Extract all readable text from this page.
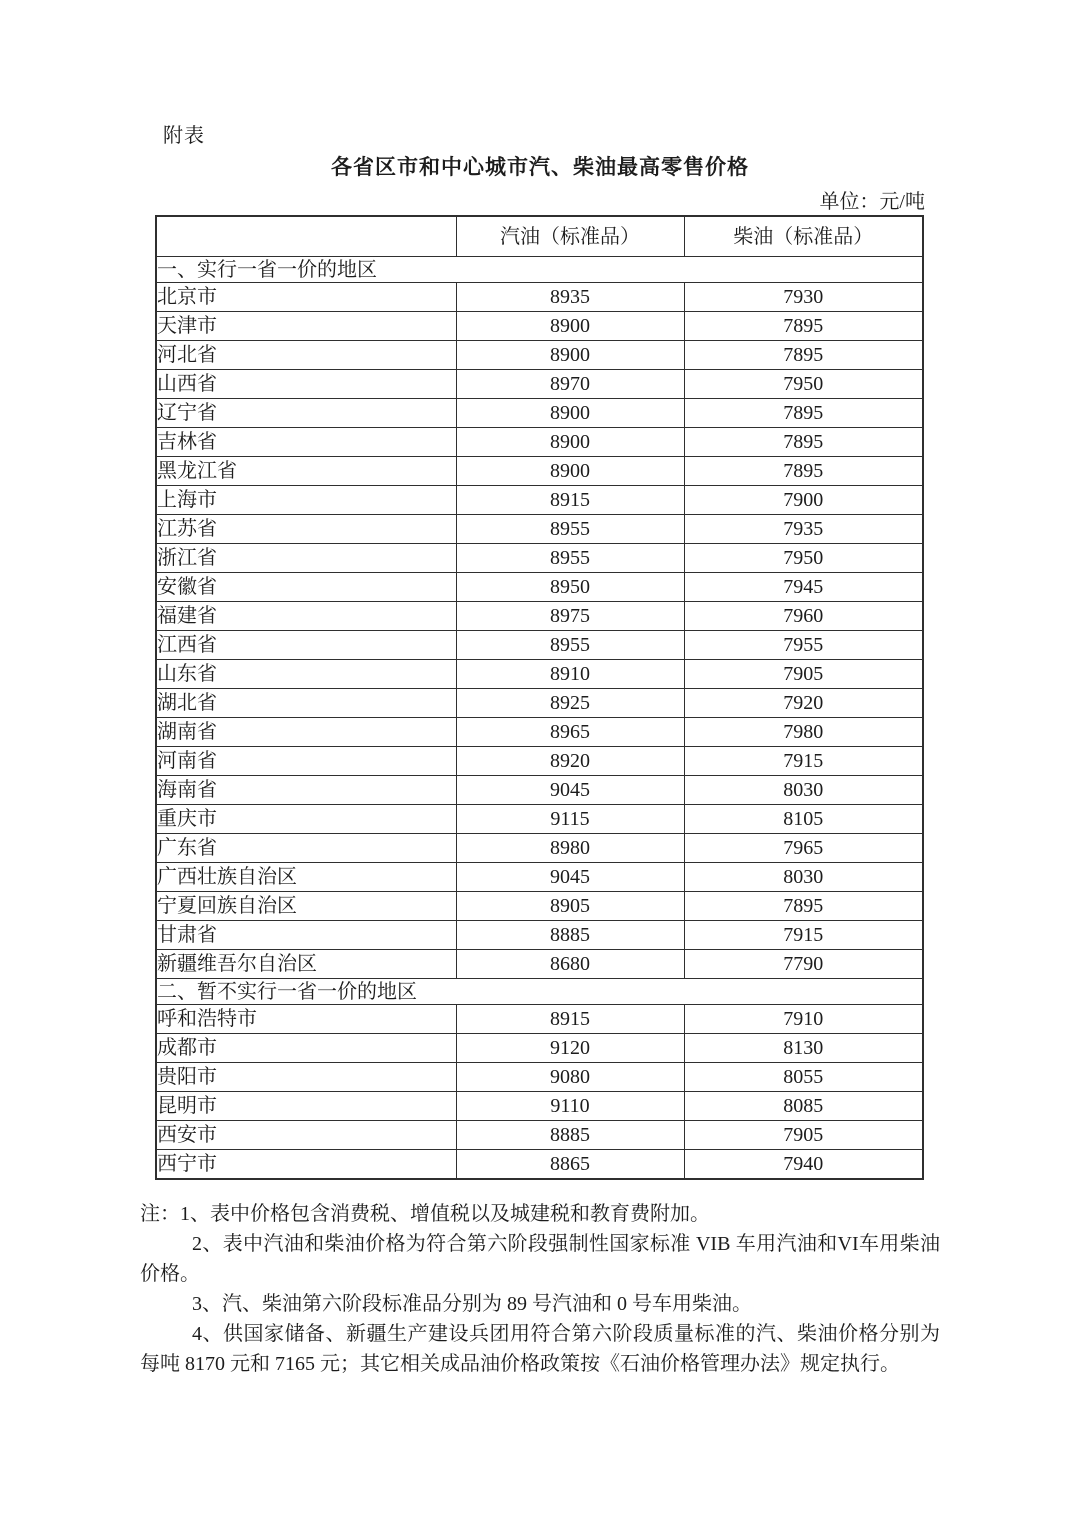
附表
各省区市和中心城市汽、柴油最高零售价格
单位：元/吨
	汽油（标准品）	柴油（标准品）
一、实行一省一价的地区		
北京市	8935	7930
天津市	8900	7895
河北省	8900	7895
山西省	8970	7950
辽宁省	8900	7895
吉林省	8900	7895
黑龙江省	8900	7895
上海市	8915	7900
江苏省	8955	7935
浙江省	8955	7950
安徽省	8950	7945
福建省	8975	7960
江西省	8955	7955
山东省	8910	7905
湖北省	8925	7920
湖南省	8965	7980
河南省	8920	7915
海南省	9045	8030
重庆市	9115	8105
广东省	8980	7965
广西壮族自治区	9045	8030
宁夏回族自治区	8905	7895
甘肃省	8885	7915
新疆维吾尔自治区	8680	7790
二、暂不实行一省一价的地区		
呼和浩特市	8915	7910
成都市	9120	8130
贵阳市	9080	8055
昆明市	9110	8085
西安市	8885	7905
西宁市	8865	7940

注：1、表中价格包含消费税、增值税以及城建税和教育费附加。

2、表中汽油和柴油价格为符合第六阶段强制性国家标准 VIB 车用汽油和VI车用柴油价格。

3、汽、柴油第六阶段标准品分别为 89 号汽油和 0 号车用柴油。

4、供国家储备、新疆生产建设兵团用符合第六阶段质量标准的汽、柴油价格分别为每吨 8170 元和 7165 元；其它相关成品油价格政策按《石油价格管理办法》规定执行。
